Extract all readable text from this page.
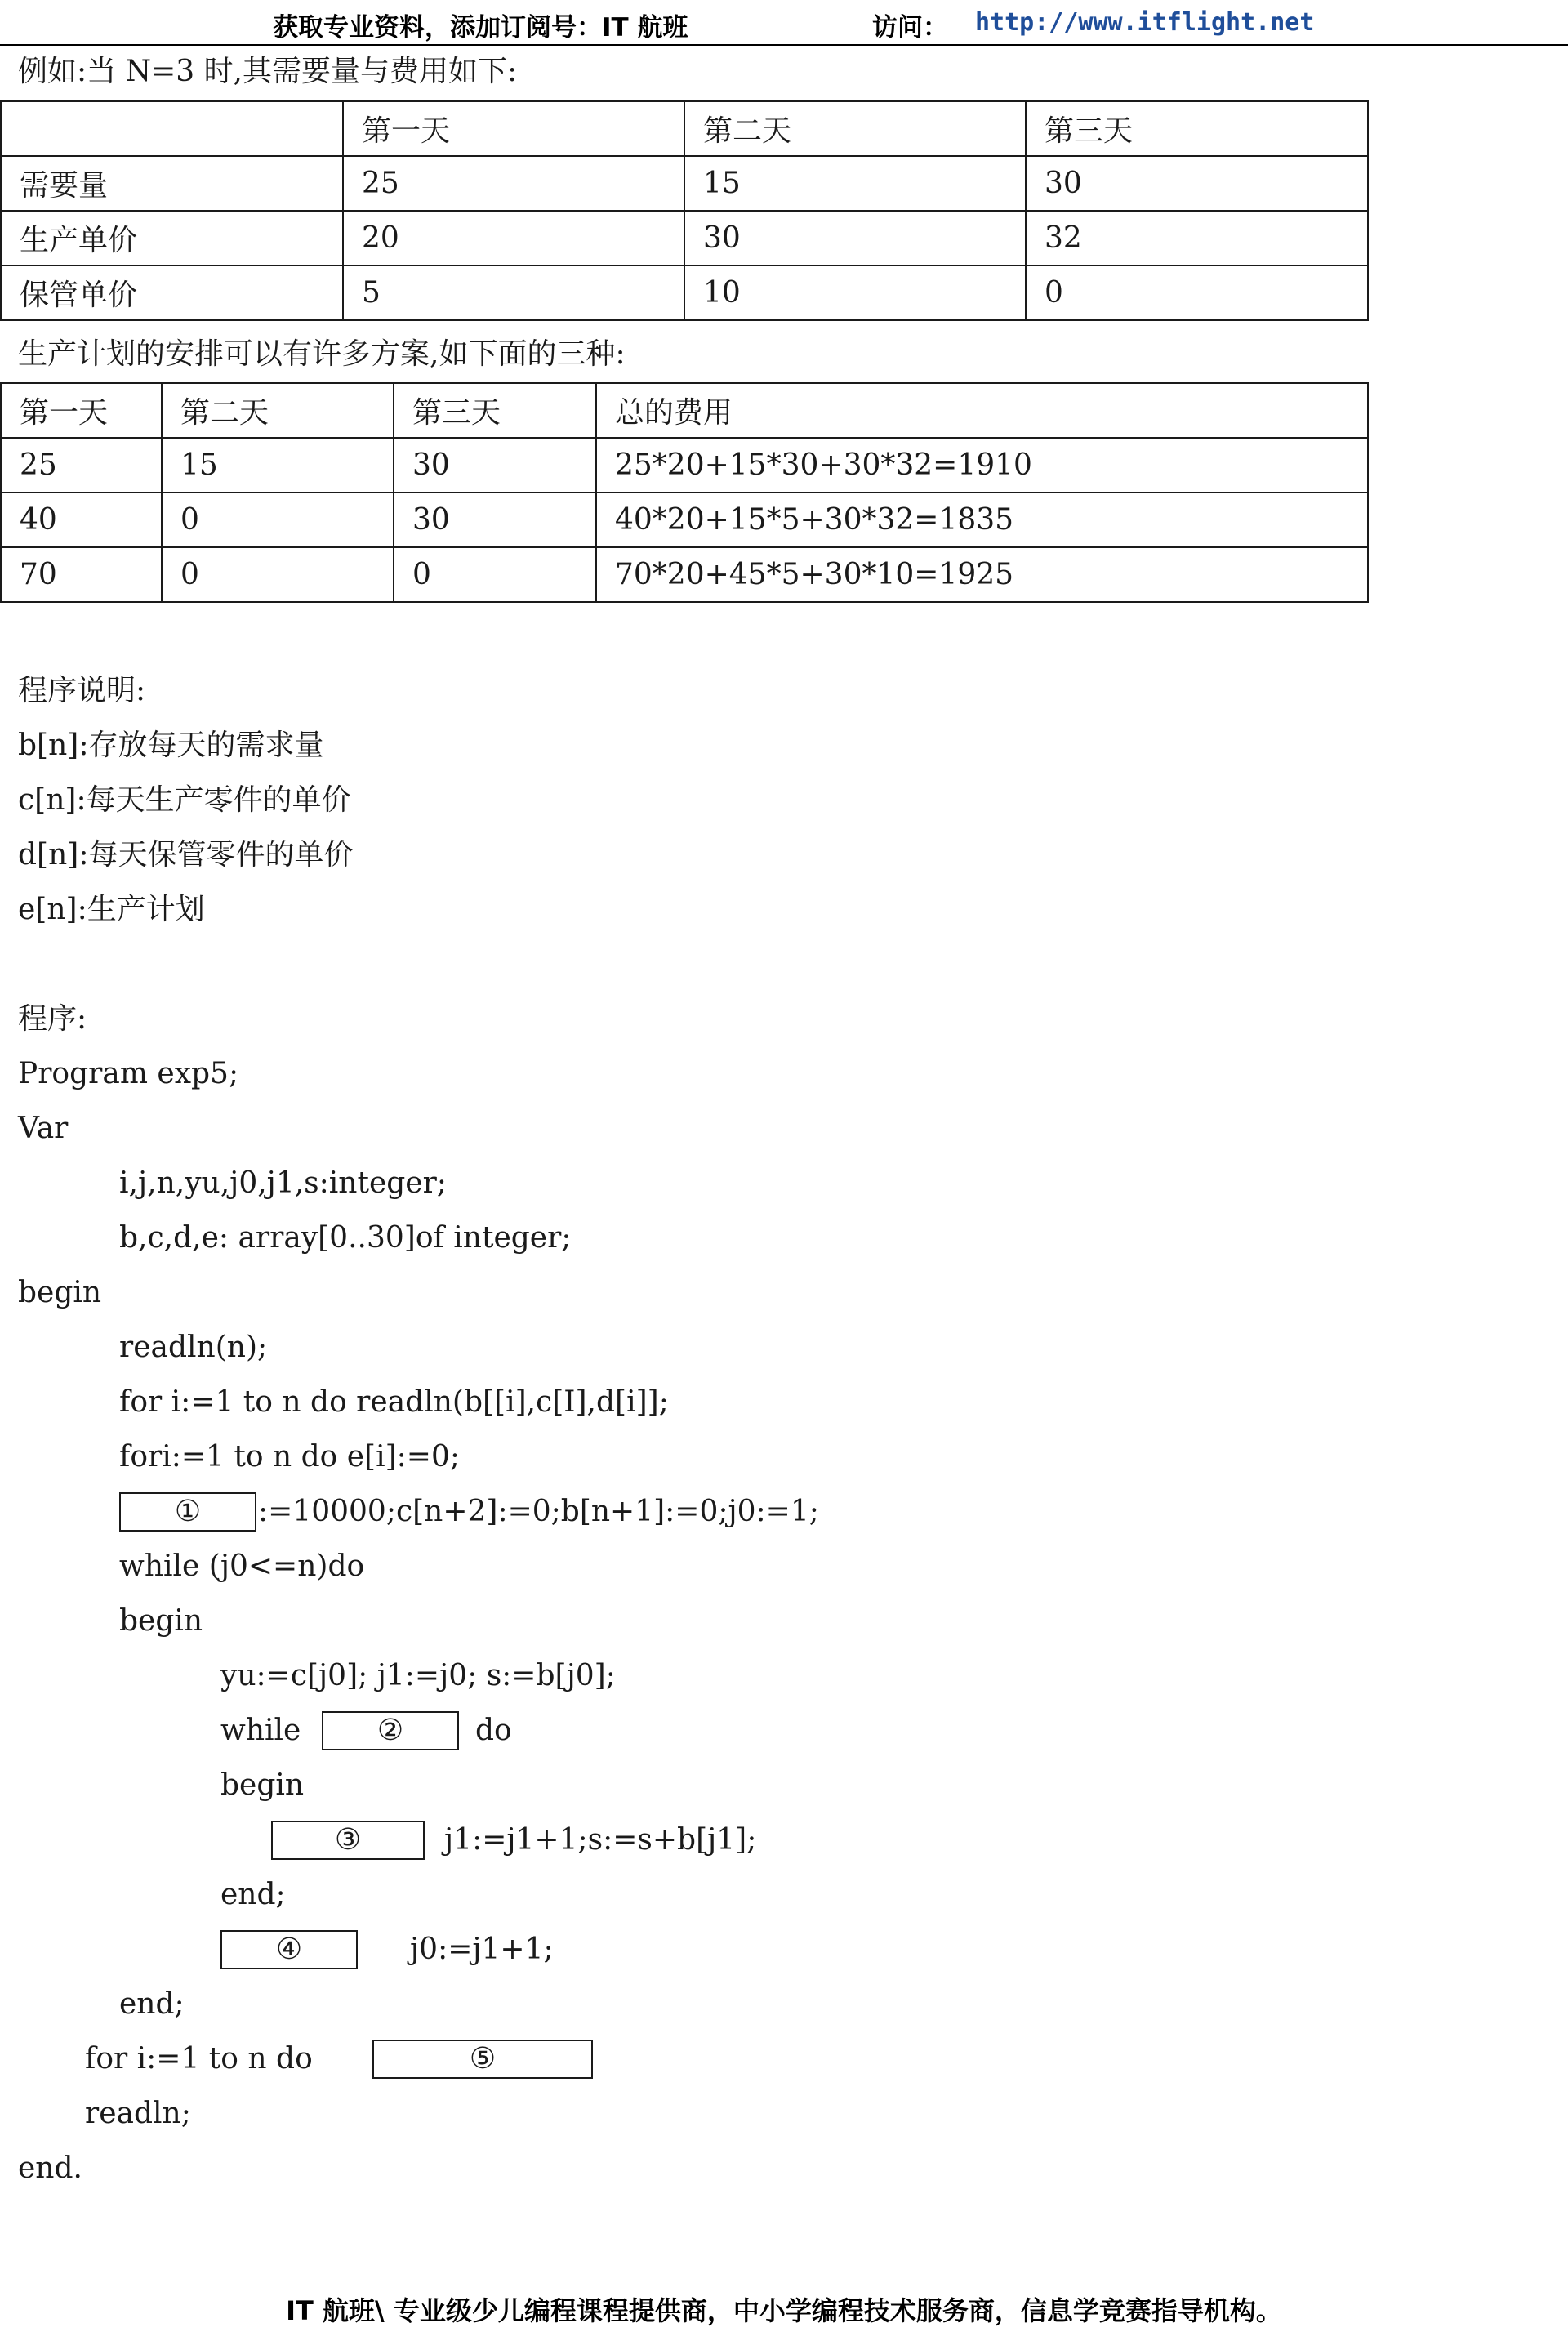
获取专业资料，添加订阅号：IT 航班	访问： http://www.itflight.net
例如:当 N=3 时,其需要量与费用如下:
	第一天	第二天	第三天
需要量	25	15	30
生产单价	20	30	32
保管单价	5	10	0
生产计划的安排可以有许多方案,如下面的三种:
第一天	第二天	第三天	总的费用
25	15	30	25*20+15*30+30*32=1910
40	0	30	40*20+15*5+30*32=1835
70	0	0	70*20+45*5+30*10=1925
程序说明:
b[n]:存放每天的需求量
c[n]:每天生产零件的单价
d[n]:每天保管零件的单价
e[n]:生产计划
程序:
Program exp5;
Var
i,j,n,yu,j0,j1,s:integer;
b,c,d,e: array[0..30]of integer;
begin
readln(n);
for i:=1 to n do readln(b[[i],c[I],d[i]];
fori:=1 to n do e[i]:=0;
①	:=10000;c[n+2]:=0;b[n+1]:=0;j0:=1;
while (j0<=n)do
begin
yu:=c[j0]; j1:=j0; s:=b[j0];
while	②	do
begin
③	j1:=j1+1;s:=s+b[j1];
end;
④	j0:=j1+1;
end;
for i:=1 to n do	⑤
readln;
end.
IT 航班\ 专业级少儿编程课程提供商，中小学编程技术服务商，信息学竞赛指导机构。
